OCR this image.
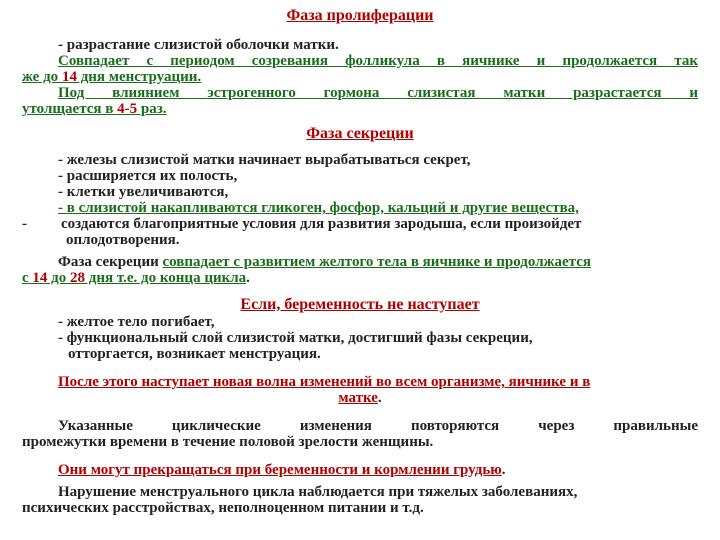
Фаза пролиферации
- разрастание слизистой оболочки матки.
Совпадает с периодом созревания фолликула в яичнике и продолжается так
же до 14 дня менструации.
Под влиянием эстрогенного гормона слизистая матки разрастается и
утолщается в 4-5 раз.
Фаза секреции
- железы слизистой матки начинает вырабатываться секрет,
- расширяется их полость,
- клетки увеличиваются,
- в слизистой накапливаются гликоген, фосфор, кальций и другие вещества,
- создаются благоприятные условия для развития зародыша, если произойдет
оплодотворения.
Фаза секреции совпадает с развитием желтого тела в яичнике и продолжается
с 14 до 28 дня т.е. до конца цикла.
Если, беременность не наступает
- желтое тело погибает,
- функциональный слой слизистой матки, достигший фазы секреции,
отторгается, возникает менструация.
После этого наступает новая волна изменений во всем организме, яичнике и в
матке.
Указанные циклические изменения повторяются через правильные
промежутки времени в течение половой зрелости женщины.
Они могут прекращаться при беременности и кормлении грудью.
Нарушение менструального цикла наблюдается при тяжелых заболеваниях,
психических расстройствах, неполноценном питании и т.д.
